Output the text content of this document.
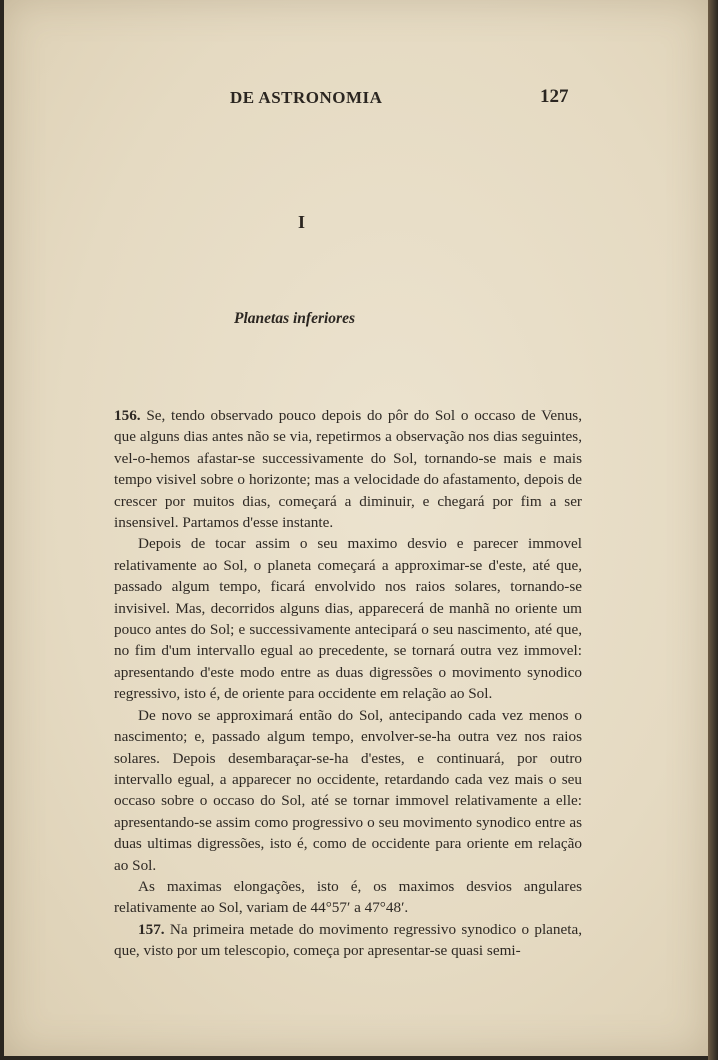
DE ASTRONOMIA	127
I
Planetas inferiores

156. Se, tendo observado pouco depois do pôr do Sol o occaso de Venus, que alguns dias antes não se via, repetirmos a observação nos dias seguintes, vel-o-hemos afastar-se successivamente do Sol, tornando-se mais e mais tempo visivel sobre o horizonte; mas a velocidade do afastamento, depois de crescer por muitos dias, começará a diminuir, e chegará por fim a ser insensivel. Partamos d'esse instante.

Depois de tocar assim o seu maximo desvio e parecer immovel relativamente ao Sol, o planeta começará a approximar-se d'este, até que, passado algum tempo, ficará envolvido nos raios solares, tornando-se invisivel. Mas, decorridos alguns dias, apparecerá de manhã no oriente um pouco antes do Sol; e successivamente antecipará o seu nascimento, até que, no fim d'um intervallo egual ao precedente, se tornará outra vez immovel: apresentando d'este modo entre as duas digressões o movimento synodico regressivo, isto é, de oriente para occidente em relação ao Sol.

De novo se approximará então do Sol, antecipando cada vez menos o nascimento; e, passado algum tempo, envolver-se-ha outra vez nos raios solares. Depois desembaraçar-se-ha d'estes, e continuará, por outro intervallo egual, a apparecer no occidente, retardando cada vez mais o seu occaso sobre o occaso do Sol, até se tornar immovel relativamente a elle: apresentando-se assim como progressivo o seu movimento synodico entre as duas ultimas digressões, isto é, como de occidente para oriente em relação ao Sol.

As maximas elongações, isto é, os maximos desvios angulares relativamente ao Sol, variam de 44°57′ a 47°48′.

157. Na primeira metade do movimento regressivo synodico o planeta, que, visto por um telescopio, começa por apresentar-se quasi semi-
